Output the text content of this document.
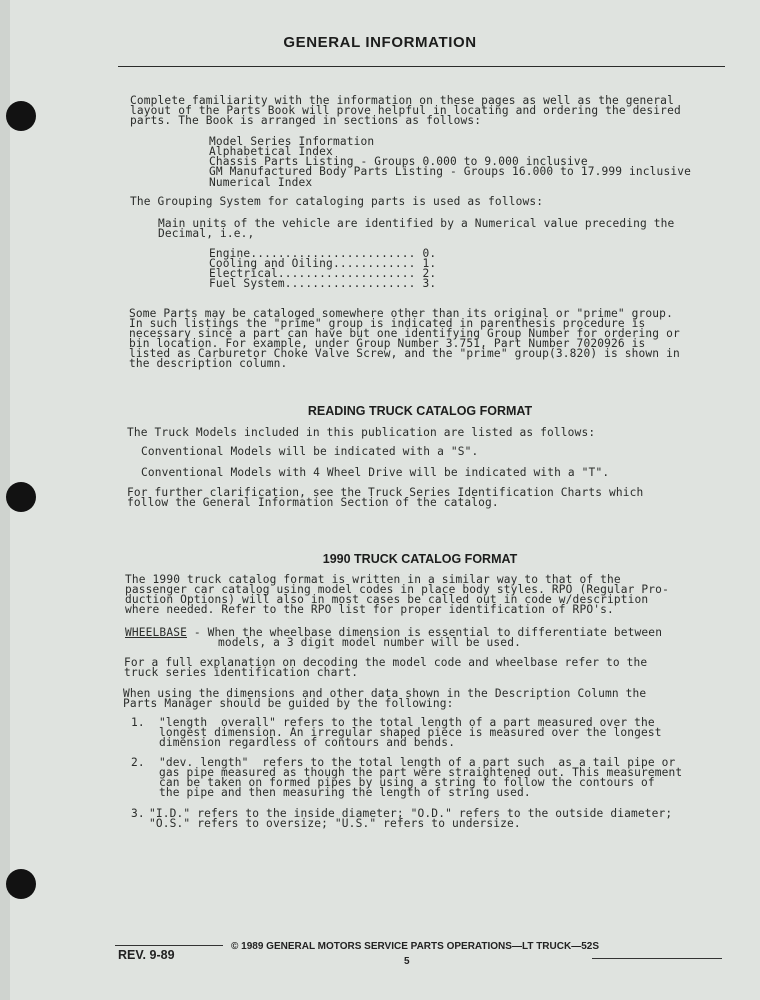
GENERAL INFORMATION
Complete familiarity with the information on these pages as well as the general
layout of the Parts Book will prove helpful in locating and ordering the desired
parts. The Book is arranged in sections as follows:
Model Series Information
Alphabetical Index
Chassis Parts Listing - Groups 0.000 to 9.000 inclusive
GM Manufactured Body Parts Listing - Groups 16.000 to 17.999 inclusive
Numerical Index
The Grouping System for cataloging parts is used as follows:
Main units of the vehicle are identified by a Numerical value preceding the
Decimal, i.e.,
Engine........................ 0.
Cooling and Oiling............ 1.
Electrical.................... 2.
Fuel System................... 3.
Some Parts may be cataloged somewhere other than its original or "prime" group.
In such listings the "prime" group is indicated in parenthesis procedure is
necessary since a part can have but one identifying Group Number for ordering or
bin location. For example, under Group Number 3.751, Part Number 7020926 is
listed as Carburetor Choke Valve Screw, and the "prime" group(3.820) is shown in
the description column.
READING TRUCK CATALOG FORMAT
The Truck Models included in this publication are listed as follows:
Conventional Models will be indicated with a "S".
Conventional Models with 4 Wheel Drive will be indicated with a "T".
For further clarification, see the Truck Series Identification Charts which
follow the General Information Section of the catalog.
1990 TRUCK CATALOG FORMAT
The 1990 truck catalog format is written in a similar way to that of the
passenger car catalog using model codes in place body styles. RPO (Regular Pro-
duction Options) will also in most cases be called out in code w/description
where needed. Refer to the RPO list for proper identification of RPO's.
WHEELBASE - When the wheelbase dimension is essential to differentiate between
models, a 3 digit model number will be used.
For a full explanation on decoding the model code and wheelbase refer to the
truck series identification chart.
When using the dimensions and other data shown in the Description Column the
Parts Manager should be guided by the following:
1. "length  overall" refers to the total length of a part measured over the
longest dimension. An irregular shaped piece is measured over the longest
dimension regardless of contours and bends.
2. "dev. length"  refers to the total length of a part such  as a tail pipe or
gas pipe measured as though the part were straightened out. This measurement
can be taken on formed pipes by using a string to follow the contours of
the pipe and then measuring the length of string used.
3. "I.D." refers to the inside diameter; "O.D." refers to the outside diameter;
"O.S." refers to oversize; "U.S." refers to undersize.
REV. 9-89
© 1989 GENERAL MOTORS SERVICE PARTS OPERATIONS—LT TRUCK—52S
5
